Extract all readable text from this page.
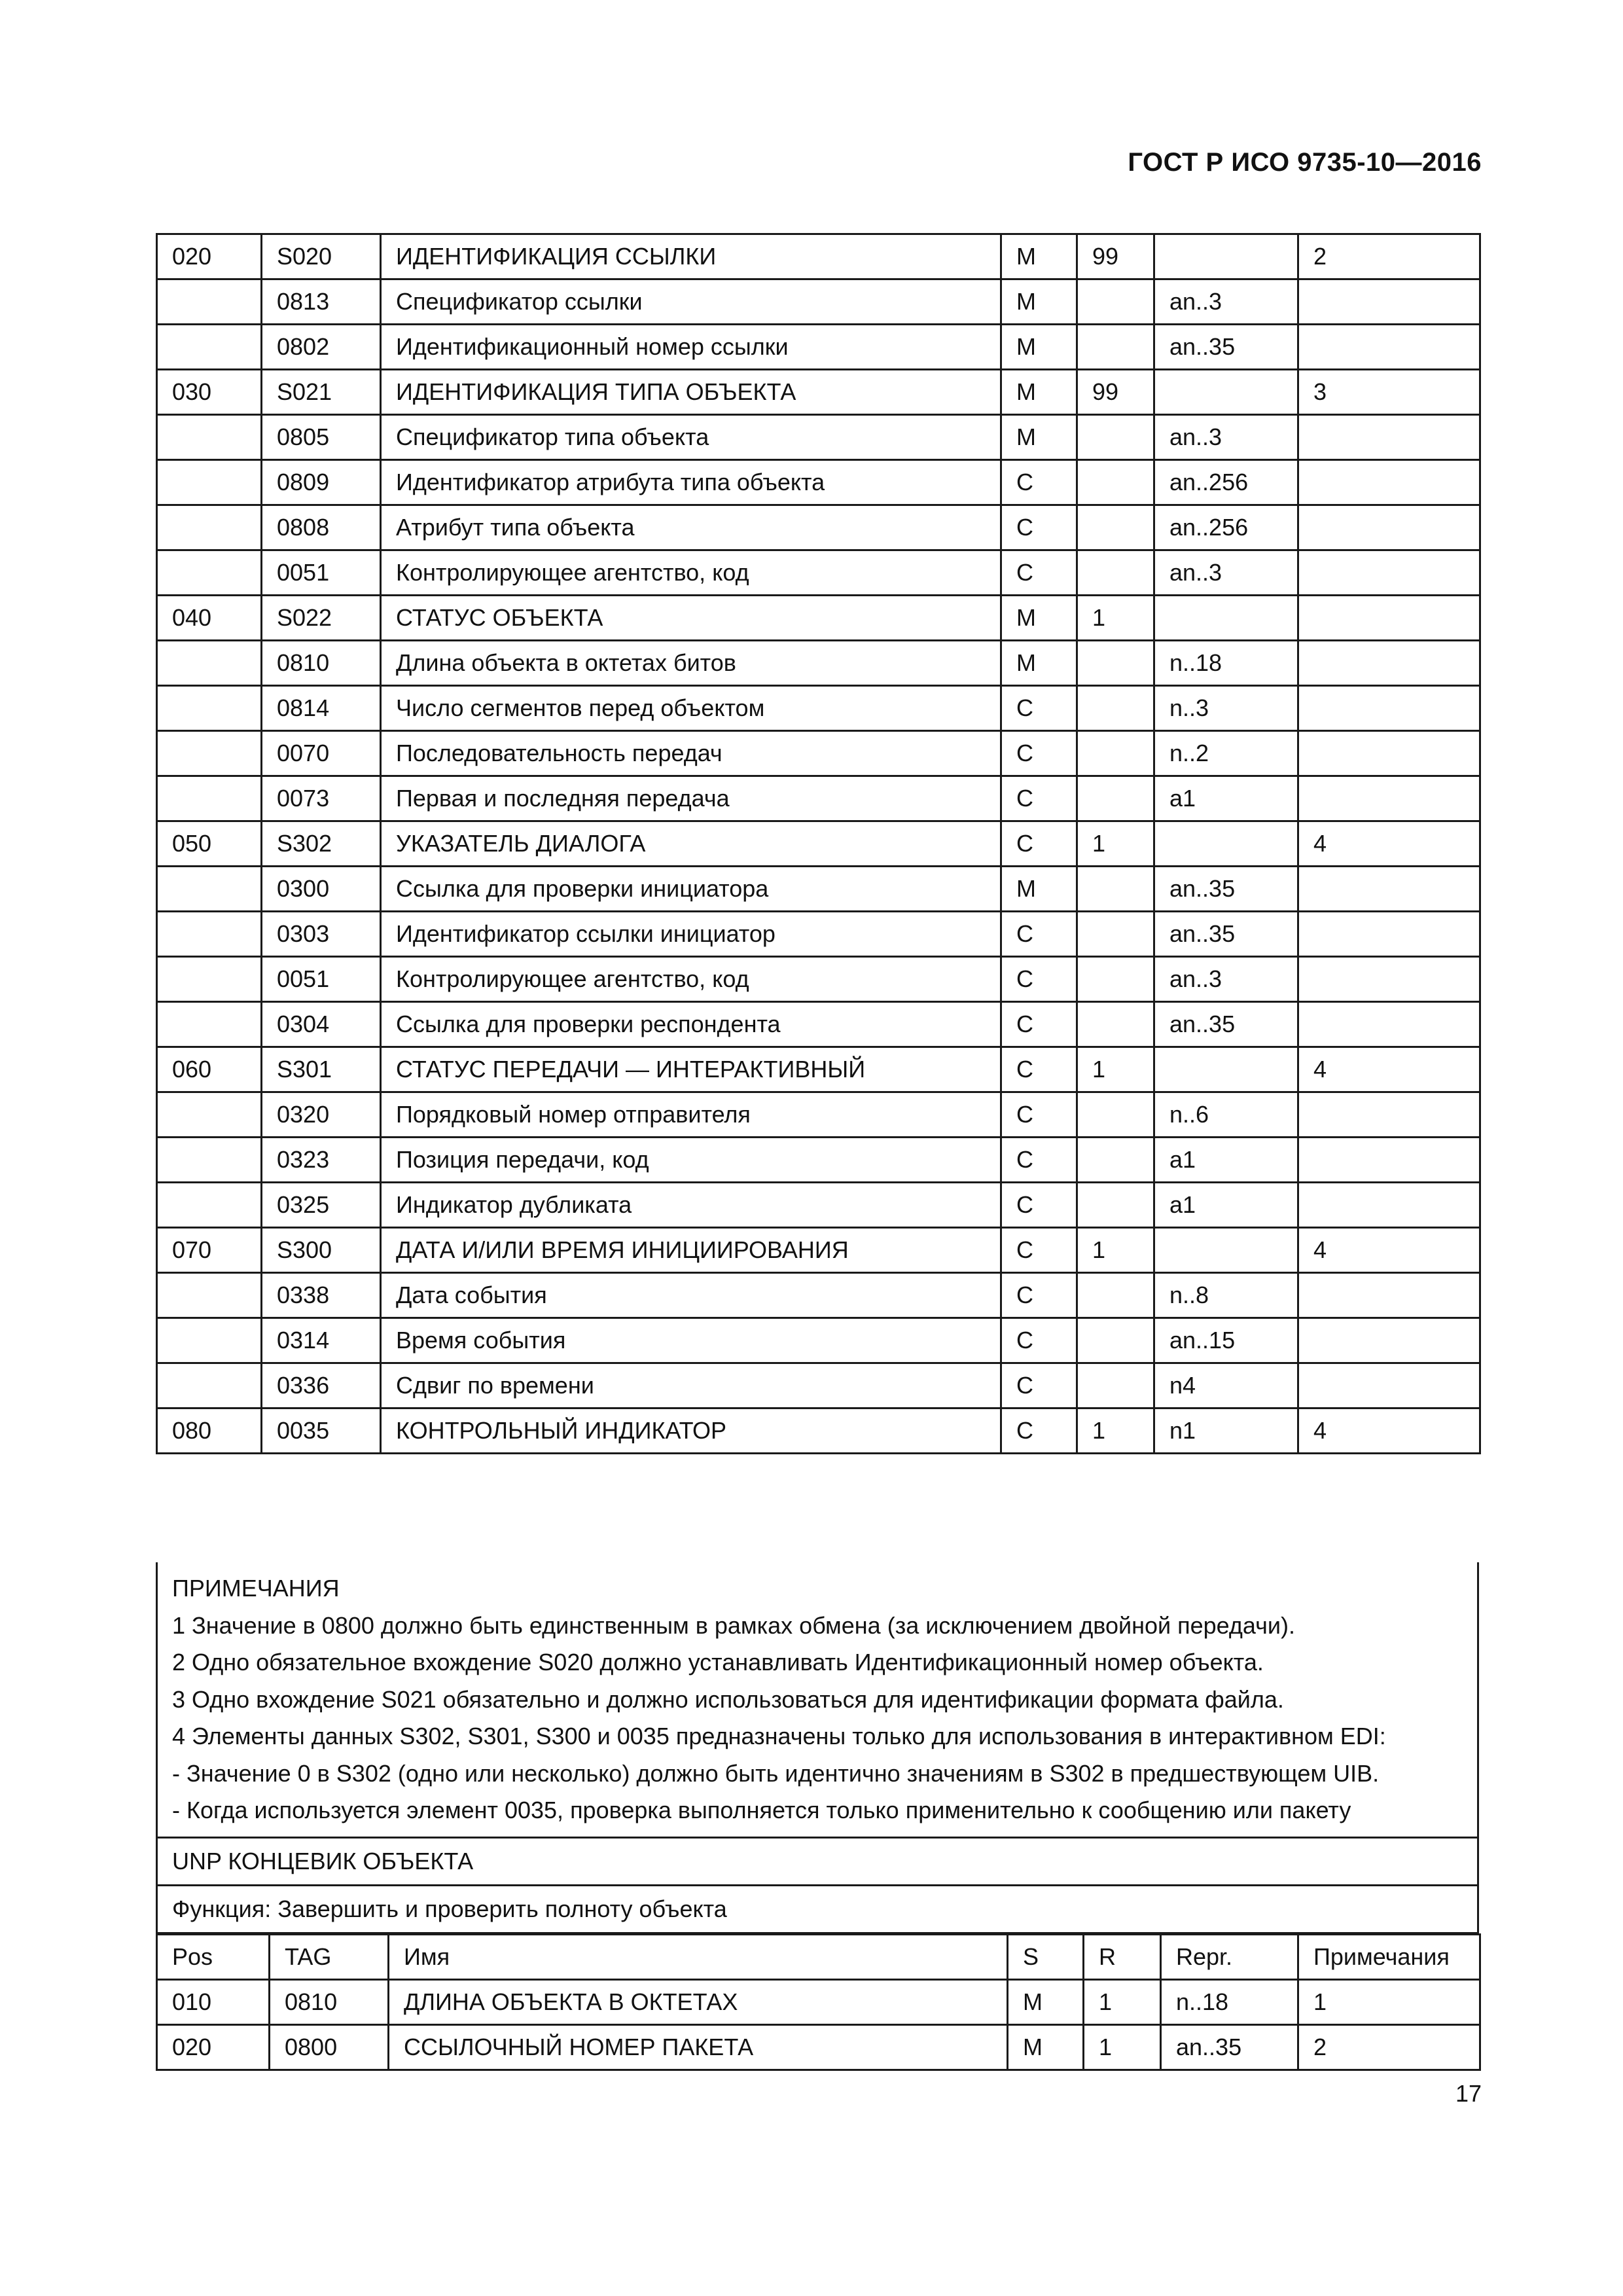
ГОСТ Р ИСО 9735-10—2016
020	S020	ИДЕНТИФИКАЦИЯ ССЫЛКИ	M	99		2
	0813	Спецификатор ссылки	M		an..3	
	0802	Идентификационный номер ссылки	M		an..35	
030	S021	ИДЕНТИФИКАЦИЯ ТИПА ОБЪЕКТА	M	99		3
	0805	Спецификатор типа объекта	M		an..3	
	0809	Идентификатор атрибута типа объекта	C		an..256	
	0808	Атрибут типа объекта	C		an..256	
	0051	Контролирующее агентство, код	C		an..3	
040	S022	СТАТУС ОБЪЕКТА	M	1		
	0810	Длина объекта в октетах битов	M		n..18	
	0814	Число сегментов перед объектом	C		n..3	
	0070	Последовательность передач	C		n..2	
	0073	Первая и последняя передача	C		a1	
050	S302	УКАЗАТЕЛЬ ДИАЛОГА	C	1		4
	0300	Ссылка для проверки инициатора	M		an..35	
	0303	Идентификатор ссылки инициатор	C		an..35	
	0051	Контролирующее агентство, код	C		an..3	
	0304	Ссылка для проверки респондента	C		an..35	
060	S301	СТАТУС ПЕРЕДАЧИ — ИНТЕРАКТИВНЫЙ	C	1		4
	0320	Порядковый номер отправителя	C		n..6	
	0323	Позиция передачи, код	C		a1	
	0325	Индикатор дубликата	C		a1	
070	S300	ДАТА И/ИЛИ ВРЕМЯ ИНИЦИИРОВАНИЯ	C	1		4
	0338	Дата события	C		n..8	
	0314	Время события	C		an..15	
	0336	Сдвиг по времени	C		n4	
080	0035	КОНТРОЛЬНЫЙ ИНДИКАТОР	C	1	n1	4
ПРИМЕЧАНИЯ
1 Значение в 0800 должно быть единственным в рамках обмена (за исключением двойной передачи).
2 Одно обязательное вхождение S020 должно устанавливать Идентификационный номер объекта.
3 Одно вхождение S021 обязательно и должно использоваться для идентификации формата файла.
4 Элементы данных S302, S301, S300 и 0035 предназначены только для использования в интерактивном EDI:
- Значение 0 в S302 (одно или несколько) должно быть идентично значениям в S302 в предшествующем UIB.
- Когда используется элемент 0035, проверка выполняется только применительно к сообщению или пакету
UNP КОНЦЕВИК ОБЪЕКТА
Функция: Завершить и проверить полноту объекта
Pos	TAG	Имя	S	R	Repr.	Примечания
010	0810	ДЛИНА ОБЪЕКТА В ОКТЕТАХ	M	1	n..18	1
020	0800	ССЫЛОЧНЫЙ НОМЕР ПАКЕТА	M	1	an..35	2
17
